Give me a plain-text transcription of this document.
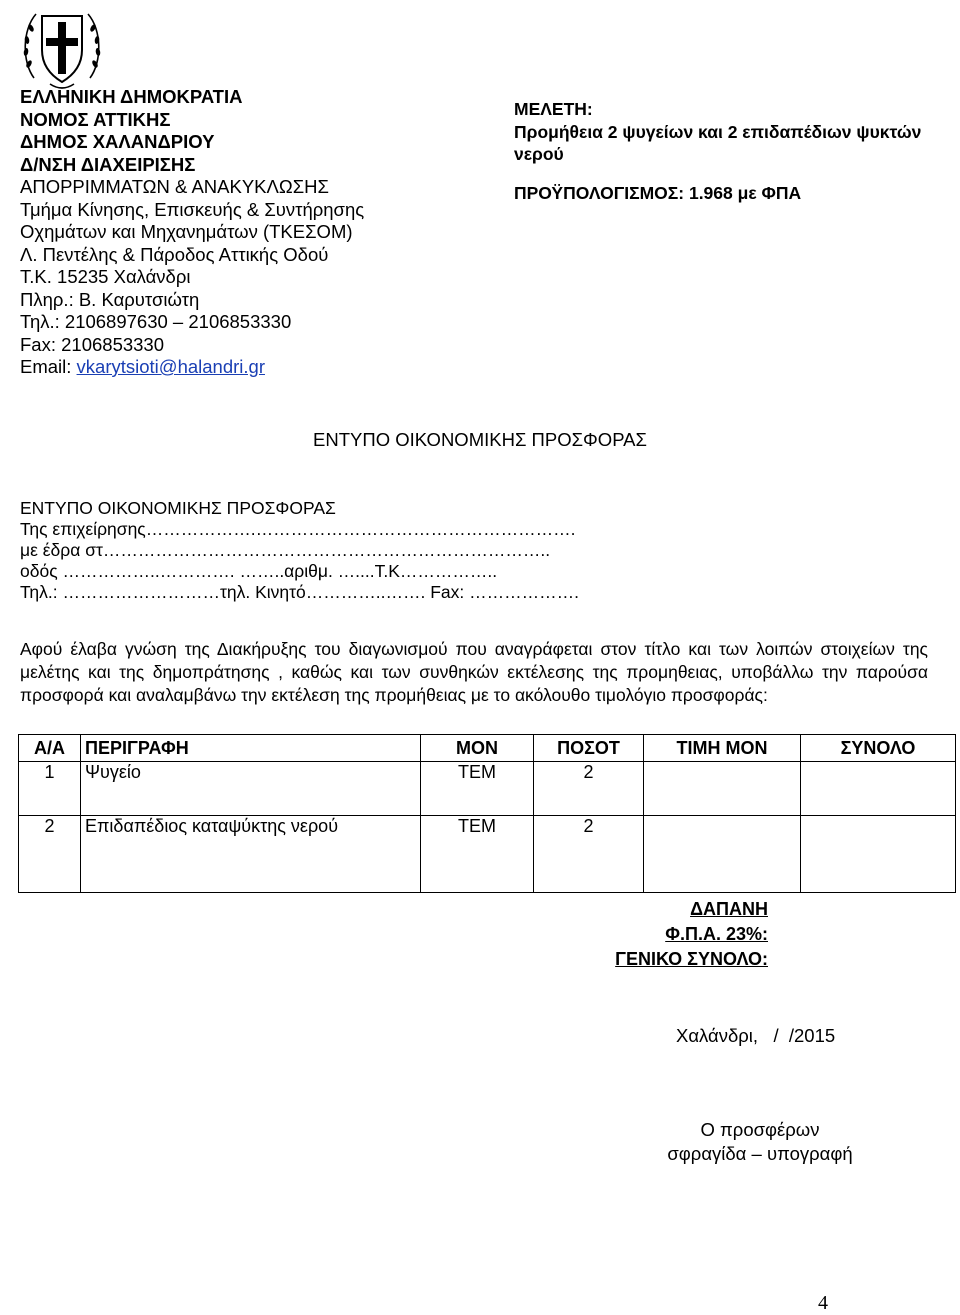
ΕΛΛΗΝΙΚΗ ΔΗΜΟΚΡΑΤΙΑ
ΝΟΜΟΣ ΑΤΤΙΚΗΣ
ΔΗΜΟΣ ΧΑΛΑΝΔΡΙΟΥ
Δ/ΝΣΗ ΔΙΑΧΕΙΡΙΣΗΣ
ΑΠΟΡΡΙΜΜΑΤΩΝ & ΑΝΑΚΥΚΛΩΣΗΣ
Τμήμα Κίνησης, Επισκευής & Συντήρησης
Οχημάτων και Μηχανημάτων (ΤΚΕΣΟΜ)
Λ. Πεντέλης & Πάροδος Αττικής Οδού
Τ.Κ. 15235 Χαλάνδρι
Πληρ.: Β. Καρυτσιώτη
Τηλ.: 2106897630 – 2106853330
Fax: 2106853330
Email: vkarytsioti@halandri.gr
ΜΕΛΕΤΗ:
Προμήθεια 2 ψυγείων και 2 επιδαπέδιων ψυκτών νερού
ΠΡΟΫΠΟΛΟΓΙΣΜΟΣ: 1.968 με ΦΠΑ
ΕΝΤΥΠΟ ΟΙΚΟΝΟΜΙΚΗΣ ΠΡΟΣΦΟΡΑΣ
ΕΝΤΥΠΟ ΟΙΚΟΝΟΜΙΚΗΣ ΠΡΟΣΦΟΡΑΣ
Της επιχείρησης……………….……………………………………………….
με έδρα στ…………………………………………………………………..
οδός ……………..…………. ……..αριθμ. …....Τ.Κ……………..
Τηλ.: ………………………τηλ. Κινητό…………..……. Fax: ……………….
Αφού έλαβα γνώση της Διακήρυξης του διαγωνισμού που αναγράφεται στον τίτλο και των λοιπών στοιχείων της μελέτης και της δημοπράτησης , καθώς και των συνθηκών εκτέλεσης της προμηθειας, υποβάλλω την παρούσα προσφορά και αναλαμβάνω την εκτέλεση της προμήθειας με το ακόλουθο τιμολόγιο προσφοράς:
Α/Α	ΠΕΡΙΓΡΑΦΗ	ΜΟΝ	ΠΟΣΟΤ	ΤΙΜΗ ΜΟΝ	ΣΥΝΟΛΟ
1	Ψυγείο	ΤΕΜ	2		
2	Επιδαπέδιος καταψύκτης νερού	ΤΕΜ	2		
ΔΑΠΑΝΗ
Φ.Π.Α. 23%:
ΓΕΝΙΚΟ ΣΥΝΟΛΟ:
Χαλάνδρι,   /  /2015
Ο προσφέρων
σφραγίδα – υπογραφή
4
